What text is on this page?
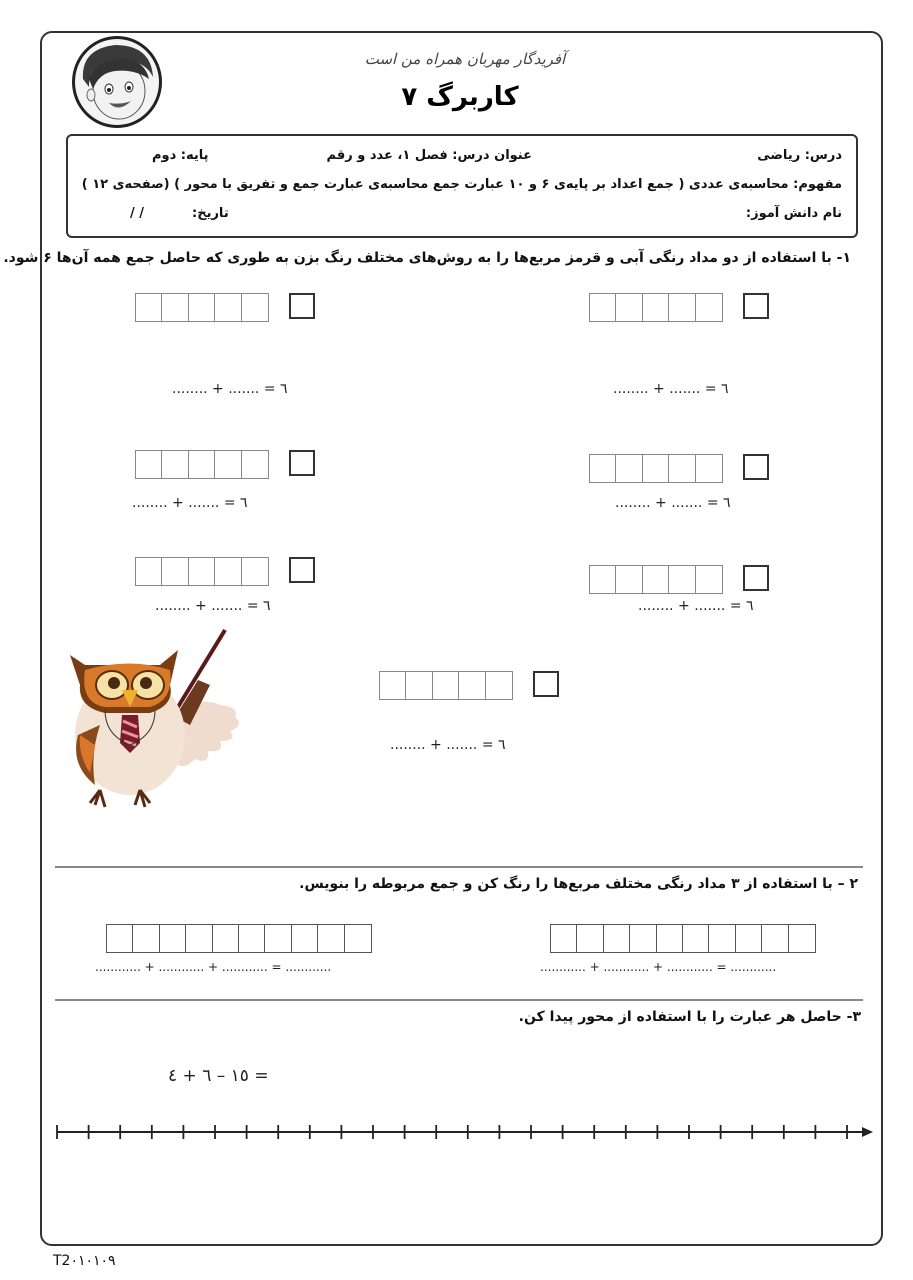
آفریدگار مهربان همراه من است
کاربرگ ۷
درس: ریاضی
عنوان درس: فصل ۱، عدد و رقم
پایه: دوم
مفهوم: محاسبه‌ی عددی ( جمع اعداد بر پایه‌ی ۶ و ۱۰ عبارت جمع محاسبه‌ی عبارت جمع و تفریق با محور ) (صفحه‌ی ۱۲ )
نام دانش آموز:
تاریخ:
/ /
۱- با استفاده از دو مداد رنگی آبی و قرمز مربع‌ها را به روش‌های مختلف رنگ بزن به طوری که حاصل جمع همه آن‌ها ۶ شود.
........ + ....... = ٦
........ + ....... = ٦
........ + ....... = ٦
........ + ....... = ٦
........ + ....... = ٦
........ + ....... = ٦
........ + ....... = ٦
۲ – با استفاده از ۳ مداد رنگی مختلف مربع‌ها را رنگ کن و جمع مربوطه را بنویس.
............ + ............ + ............ = ............
............ + ............ + ............ = ............
۳- حاصل هر عبارت را با استفاده از محور پیدا کن.
١٥ – ٦ + ٤ =
T2۰۱۰۱۰۹
